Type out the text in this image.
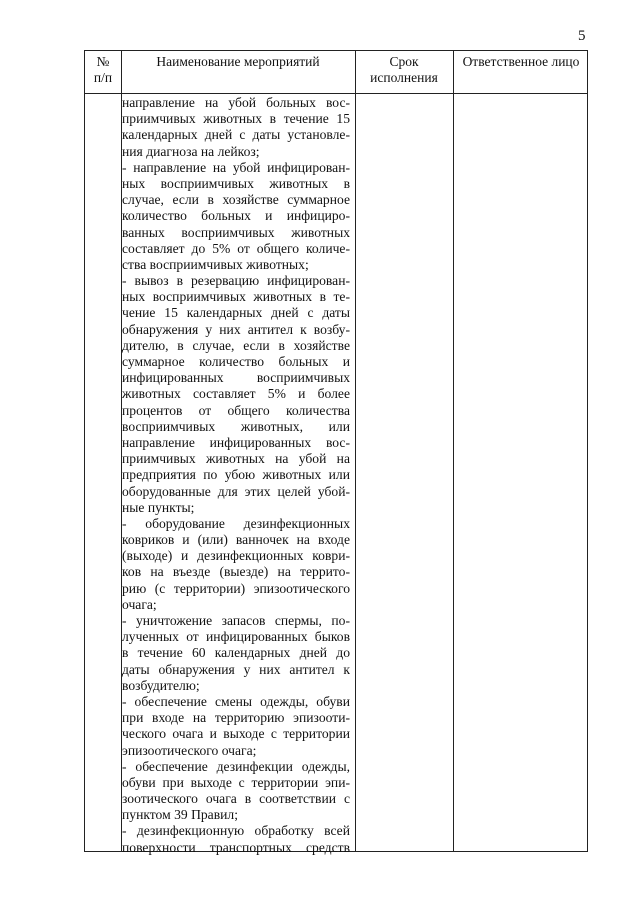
5
№
п/п
Наименование мероприятий	Срок
исполнения
Ответственное лицо
направление на убой больных вос-
приимчивых животных в течение 15
календарных дней с даты установле-
ния диагноза на лейкоз;
- направление на убой инфицирован-
ных восприимчивых животных в
случае, если в хозяйстве суммарное
количество больных и инфициро-
ванных восприимчивых животных
составляет до 5% от общего количе-
ства восприимчивых животных;
- вывоз в резервацию инфицирован-
ных восприимчивых животных в те-
чение 15 календарных дней с даты
обнаружения у них антител к возбу-
дителю, в случае, если в хозяйстве
суммарное количество больных и
инфицированных восприимчивых
животных составляет 5% и более
процентов от общего количества
восприимчивых животных, или
направление инфицированных вос-
приимчивых животных на убой на
предприятия по убою животных или
оборудованные для этих целей убой-
ные пункты;
- оборудование дезинфекционных
ковриков и (или) ванночек на входе
(выходе) и дезинфекционных коври-
ков на въезде (выезде) на террито-
рию (с территории) эпизоотического
очага;
- уничтожение запасов спермы, по-
лученных от инфицированных быков
в течение 60 календарных дней до
даты обнаружения у них антител к
возбудителю;
- обеспечение смены одежды, обуви
при входе на территорию эпизооти-
ческого очага и выходе с территории
эпизоотического очага;
- обеспечение дезинфекции одежды,
обуви при выходе с территории эпи-
зоотического очага в соответствии с
пунктом 39 Правил;
- дезинфекционную обработку всей
поверхности транспортных средств
